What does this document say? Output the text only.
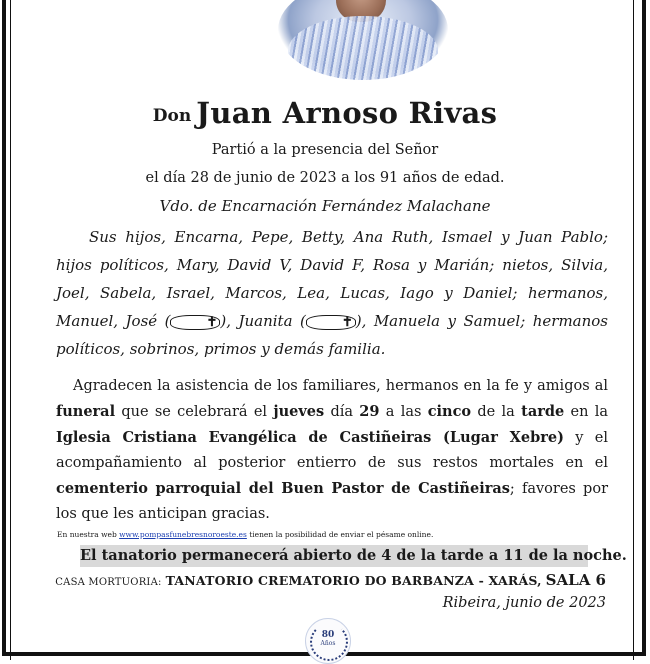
Don Juan Arnoso Rivas
Partió a la presencia del Señor
el día 28 de junio de 2023 a los 91 años de edad.
Vdo. de Encarnación Fernández Malachane
Sus hijos, Encarna, Pepe, Betty, Ana Ruth, Ismael y Juan Pablo; hijos políticos, Mary, David V, David F, Rosa y Marián; nietos, Silvia, Joel, Sabela, Israel, Marcos, Lea, Lucas, Iago y Daniel; hermanos, Manuel, José (	✝ ), Juanita (	✝ ), Manuela y Samuel; hermanos políticos, sobrinos, primos y demás familia.
Agradecen la asistencia de los familiares, hermanos en la fe y amigos al funeral que se celebrará el jueves día 29 a las cinco de la tarde en la Iglesia Cristiana Evangélica de Castiñeiras (Lugar Xebre) y el acompañamiento al posterior entierro de sus restos mortales en el cementerio parroquial del Buen Pastor de Castiñeiras; favores por los que les anticipan gracias.
En nuestra web www.pompasfunebresnoroeste.es tienen la posibilidad de enviar el pésame online.
El tanatorio permanecerá abierto de 4 de la tarde a 11 de la noche.
CASA MORTUORIA: TANATORIO CREMATORIO DO BARBANZA - XARÁS, SALA 6
Ribeira, junio de 2023
80
Años
